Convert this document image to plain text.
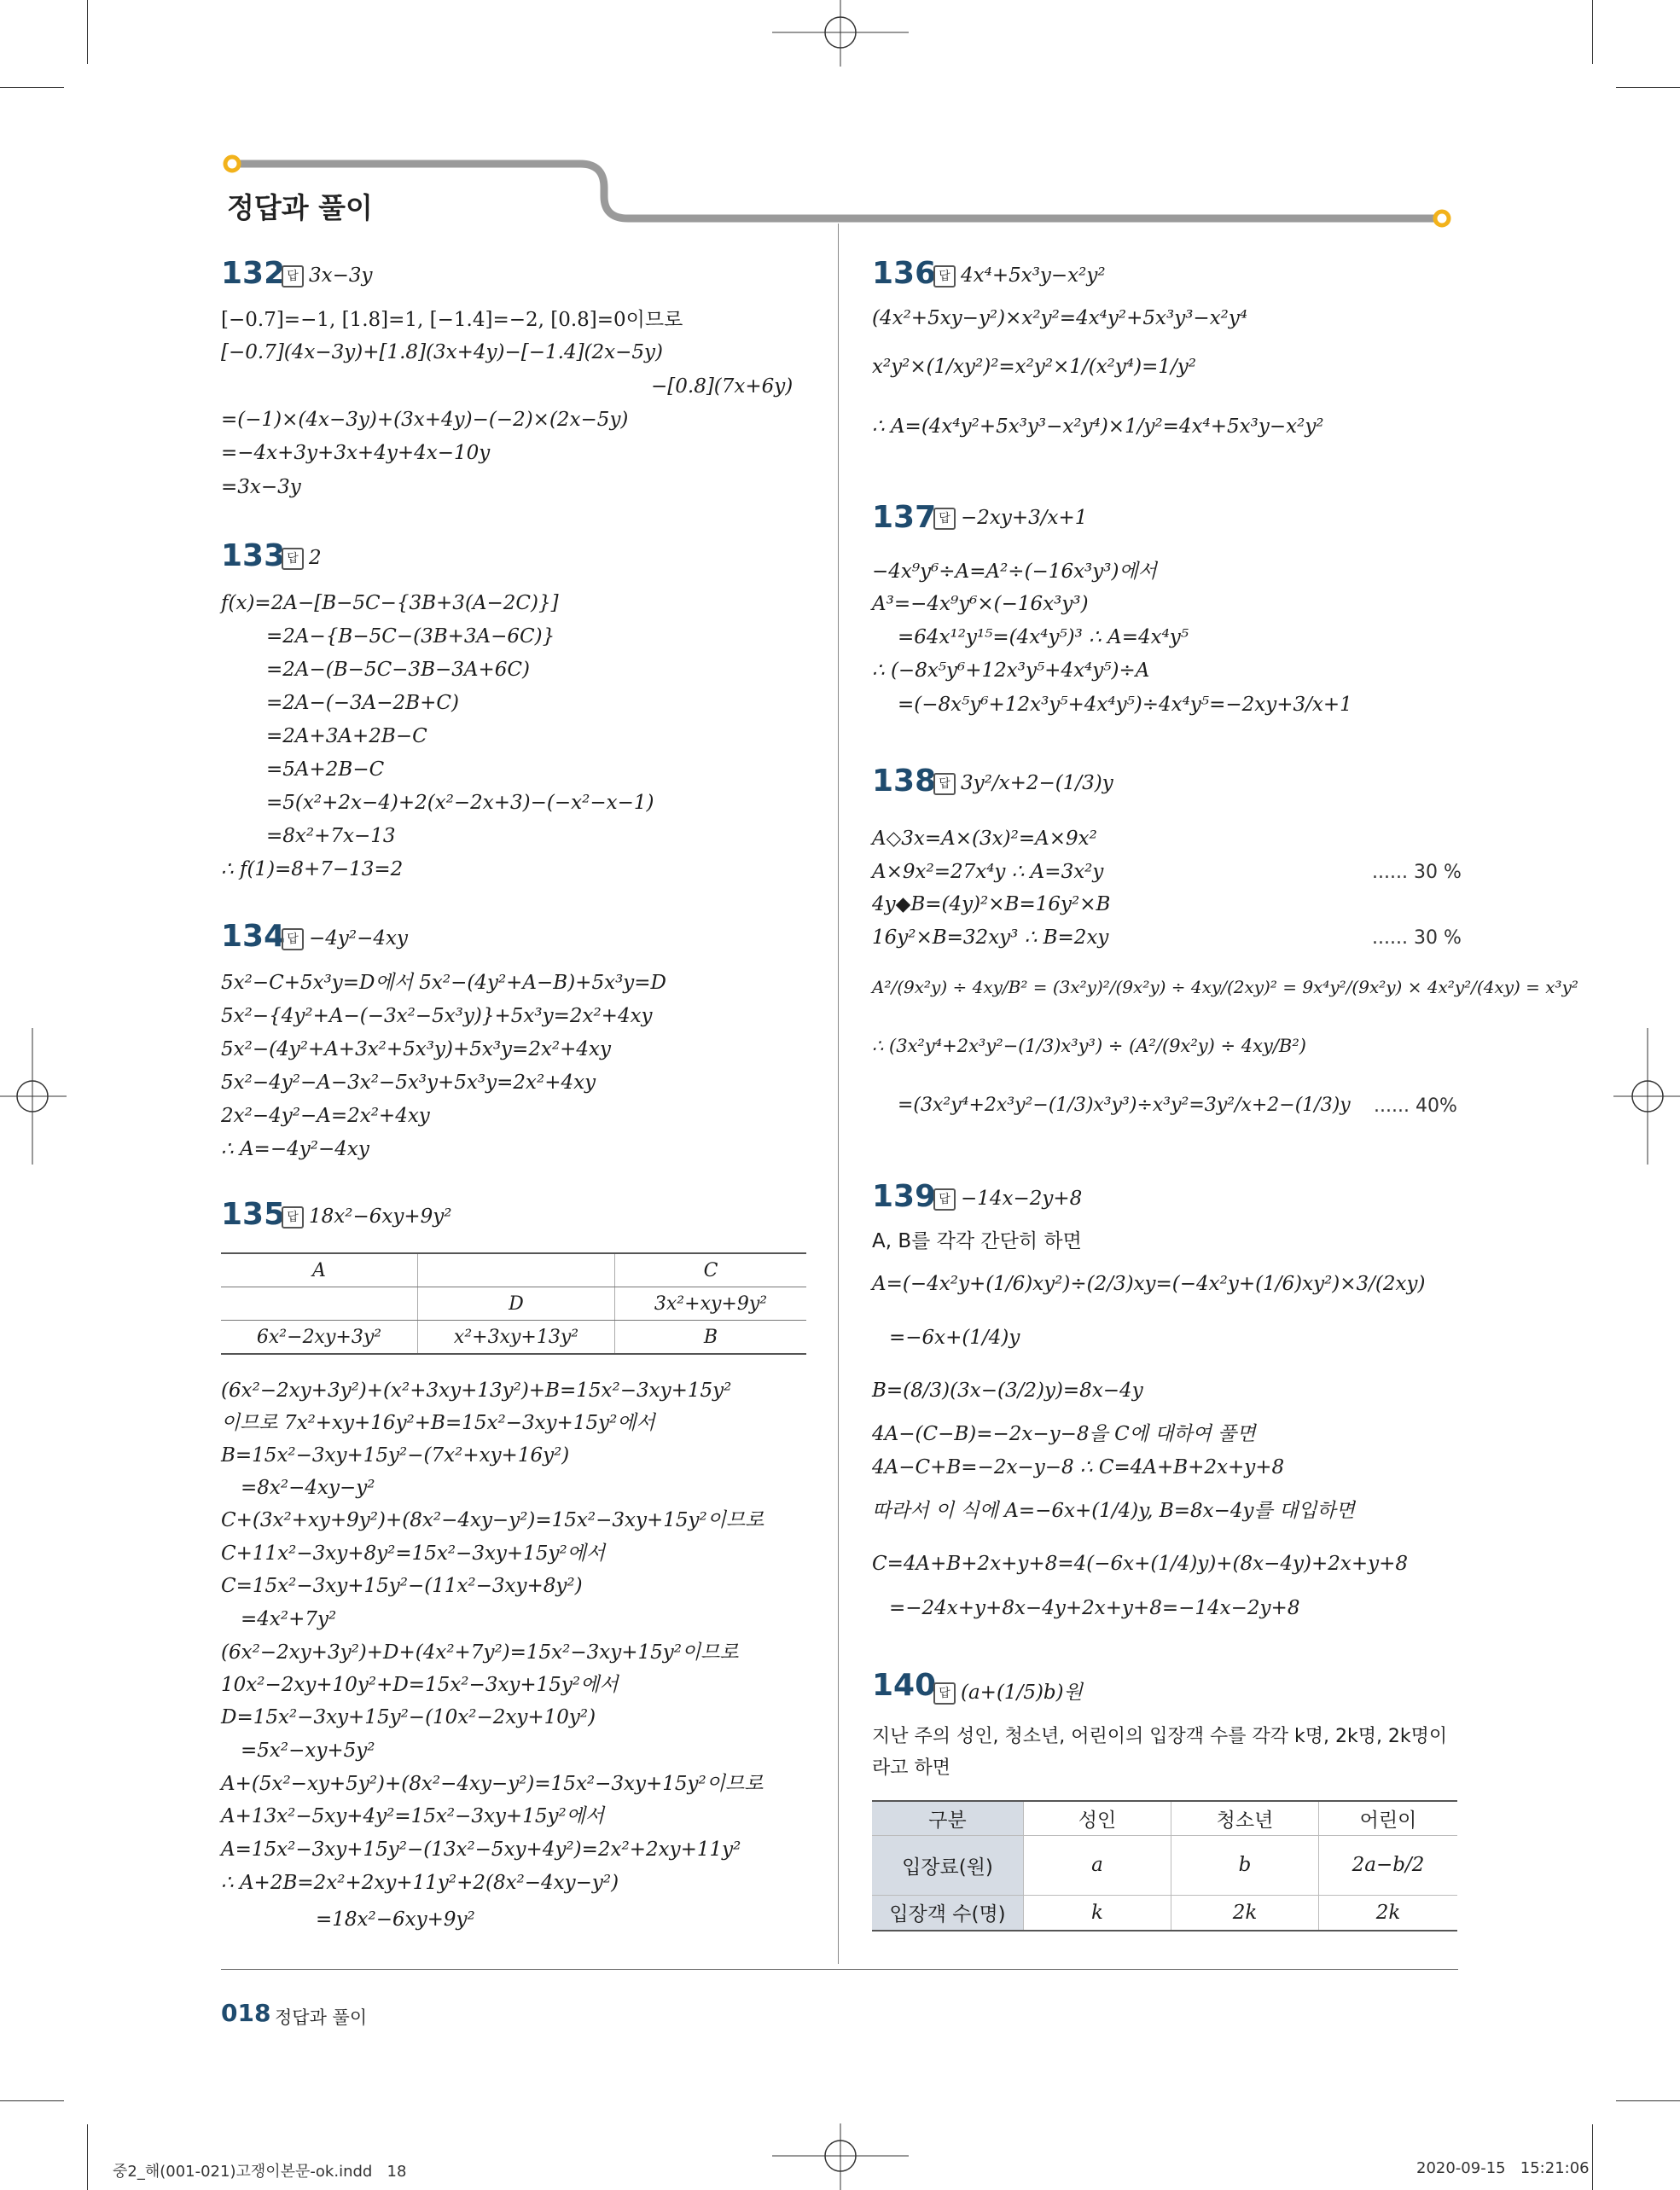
정답과 풀이
132 답 3x−3y
[−0.7]=−1, [1.8]=1, [−1.4]=−2, [0.8]=0이므로
[−0.7](4x−3y)+[1.8](3x+4y)−[−1.4](2x−5y)
−[0.8](7x+6y)
=(−1)×(4x−3y)+(3x+4y)−(−2)×(2x−5y)
=−4x+3y+3x+4y+4x−10y
=3x−3y
133 답 2
f(x)=2A−[B−5C−{3B+3(A−2C)}]
=2A−{B−5C−(3B+3A−6C)}
=2A−(B−5C−3B−3A+6C)
=2A−(−3A−2B+C)
=2A+3A+2B−C
=5A+2B−C
=5(x²+2x−4)+2(x²−2x+3)−(−x²−x−1)
=8x²+7x−13
∴ f(1)=8+7−13=2
134 답 −4y²−4xy
5x²−C+5x³y=D에서 5x²−(4y²+A−B)+5x³y=D
5x²−{4y²+A−(−3x²−5x³y)}+5x³y=2x²+4xy
5x²−(4y²+A+3x²+5x³y)+5x³y=2x²+4xy
5x²−4y²−A−3x²−5x³y+5x³y=2x²+4xy
2x²−4y²−A=2x²+4xy
∴ A=−4y²−4xy
135 답 18x²−6xy+9y²
A		C
	D	3x²+xy+9y²
6x²−2xy+3y²	x²+3xy+13y²	B
(6x²−2xy+3y²)+(x²+3xy+13y²)+B=15x²−3xy+15y²
이므로 7x²+xy+16y²+B=15x²−3xy+15y²에서
B=15x²−3xy+15y²−(7x²+xy+16y²)
=8x²−4xy−y²
C+(3x²+xy+9y²)+(8x²−4xy−y²)=15x²−3xy+15y²이므로
C+11x²−3xy+8y²=15x²−3xy+15y²에서
C=15x²−3xy+15y²−(11x²−3xy+8y²)
=4x²+7y²
(6x²−2xy+3y²)+D+(4x²+7y²)=15x²−3xy+15y²이므로
10x²−2xy+10y²+D=15x²−3xy+15y²에서
D=15x²−3xy+15y²−(10x²−2xy+10y²)
=5x²−xy+5y²
A+(5x²−xy+5y²)+(8x²−4xy−y²)=15x²−3xy+15y²이므로
A+13x²−5xy+4y²=15x²−3xy+15y²에서
A=15x²−3xy+15y²−(13x²−5xy+4y²)=2x²+2xy+11y²
∴ A+2B=2x²+2xy+11y²+2(8x²−4xy−y²)
=18x²−6xy+9y²
136 답 4x⁴+5x³y−x²y²
(4x²+5xy−y²)×x²y²=4x⁴y²+5x³y³−x²y⁴
x²y²×(1/xy²)²=x²y²×1/(x²y⁴)=1/y²
∴ A=(4x⁴y²+5x³y³−x²y⁴)×1/y²=4x⁴+5x³y−x²y²
137 답 −2xy+3/x+1
−4x⁹y⁶÷A=A²÷(−16x³y³)에서
A³=−4x⁹y⁶×(−16x³y³)
=64x¹²y¹⁵=(4x⁴y⁵)³ ∴ A=4x⁴y⁵
∴ (−8x⁵y⁶+12x³y⁵+4x⁴y⁵)÷A
=(−8x⁵y⁶+12x³y⁵+4x⁴y⁵)÷4x⁴y⁵=−2xy+3/x+1
138 답 3y²/x+2−(1/3)y
A◇3x=A×(3x)²=A×9x²
A×9x²=27x⁴y ∴ A=3x²y	...... 30 %
4y◆B=(4y)²×B=16y²×B
16y²×B=32xy³ ∴ B=2xy	...... 30 %
A²/(9x²y) ÷ 4xy/B² = (3x²y)²/(9x²y) ÷ 4xy/(2xy)² = 9x⁴y²/(9x²y) × 4x²y²/(4xy) = x³y²
∴ (3x²y⁴+2x³y²−(1/3)x³y³) ÷ (A²/(9x²y) ÷ 4xy/B²)
=(3x²y⁴+2x³y²−(1/3)x³y³)÷x³y²=3y²/x+2−(1/3)y ...... 40%
139 답 −14x−2y+8
A, B를 각각 간단히 하면
A=(−4x²y+(1/6)xy²)÷(2/3)xy=(−4x²y+(1/6)xy²)×3/(2xy)
=−6x+(1/4)y
B=(8/3)(3x−(3/2)y)=8x−4y
4A−(C−B)=−2x−y−8을 C에 대하여 풀면
4A−C+B=−2x−y−8 ∴ C=4A+B+2x+y+8
따라서 이 식에 A=−6x+(1/4)y, B=8x−4y를 대입하면
C=4A+B+2x+y+8=4(−6x+(1/4)y)+(8x−4y)+2x+y+8
=−24x+y+8x−4y+2x+y+8=−14x−2y+8
140 답 (a+(1/5)b)원
지난 주의 성인, 청소년, 어린이의 입장객 수를 각각 k명, 2k명, 2k명이
라고 하면
구분	성인	청소년	어린이
입장료(원)	a	b	2a−b/2
입장객 수(명)	k	2k	2k
018 정답과 풀이
중2_해(001-021)고쟁이본문-ok.indd   18	2020-09-15   15:21:06
